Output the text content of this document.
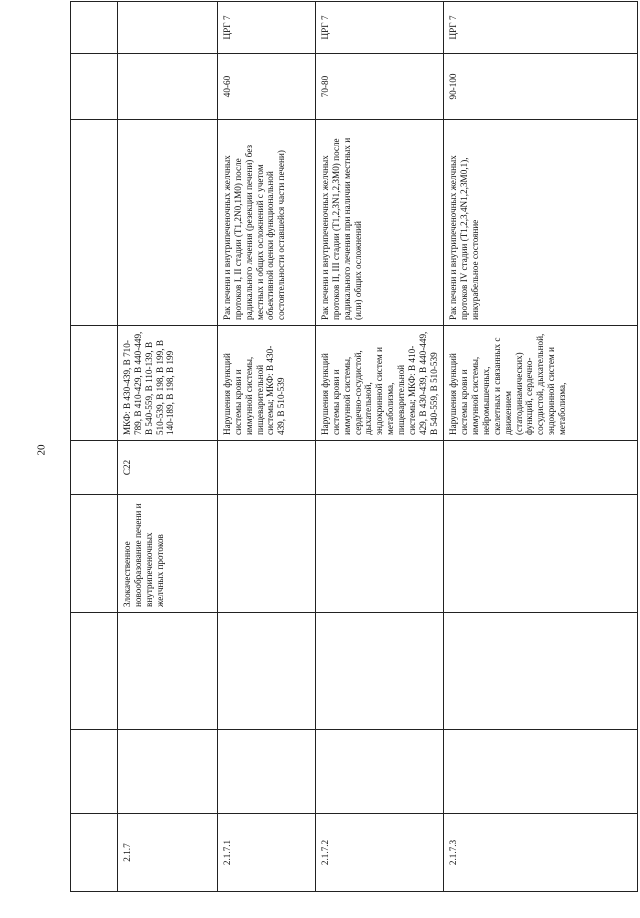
20

2.1.7			Злокачественное новообразование печени и внутрипеченочных желчных протоков	C22	МКФ: В 430-439, В 710-789, В 410-429, В 440-449, В 540-559, В 110-139, В 510-539, В 198, В 199, В 140-189, В 198, В 199			
2.1.7.1					Нарушения функций системы крови и иммунной системы, пищеварительной системы; МКФ: В 430-439, В 510-539	Рак печени и внутрипеченочных желчных протоков I, II стадии (T1,2N0,1M0) после радикального лечения (резекции печени) без местных и общих осложнений с учетом объективной оценки функциональной состоятельности оставшейся части печени)	40-60	ЦРГ 7
2.1.7.2					Нарушения функций системы крови и иммунной системы, сердечно-сосудистой, дыхательной, эндокринной систем и метаболизма, пищеварительной системы; МКФ: В 410-429, В 430-439, В 440-449, В 540-559, В 510-539	Рак печени и внутрипеченочных желчных протоков II, III стадии (T1,2,3N1,2,3M0) после радикального лечения при наличии местных и (или) общих осложнений	70-80	ЦРГ 7
2.1.7.3					Нарушения функций системы крови и иммунной системы, нейромышечных, скелетных и связанных с движением (статодинамических) функций, сердечно-сосудистой, дыхательной, эндокринной систем и метаболизма,	Рак печени и внутрипеченочных желчных протоков IV стадии (T1,2,3,4N1,2,3M0,1), инкурабельное состояние	90-100	ЦРГ 7
